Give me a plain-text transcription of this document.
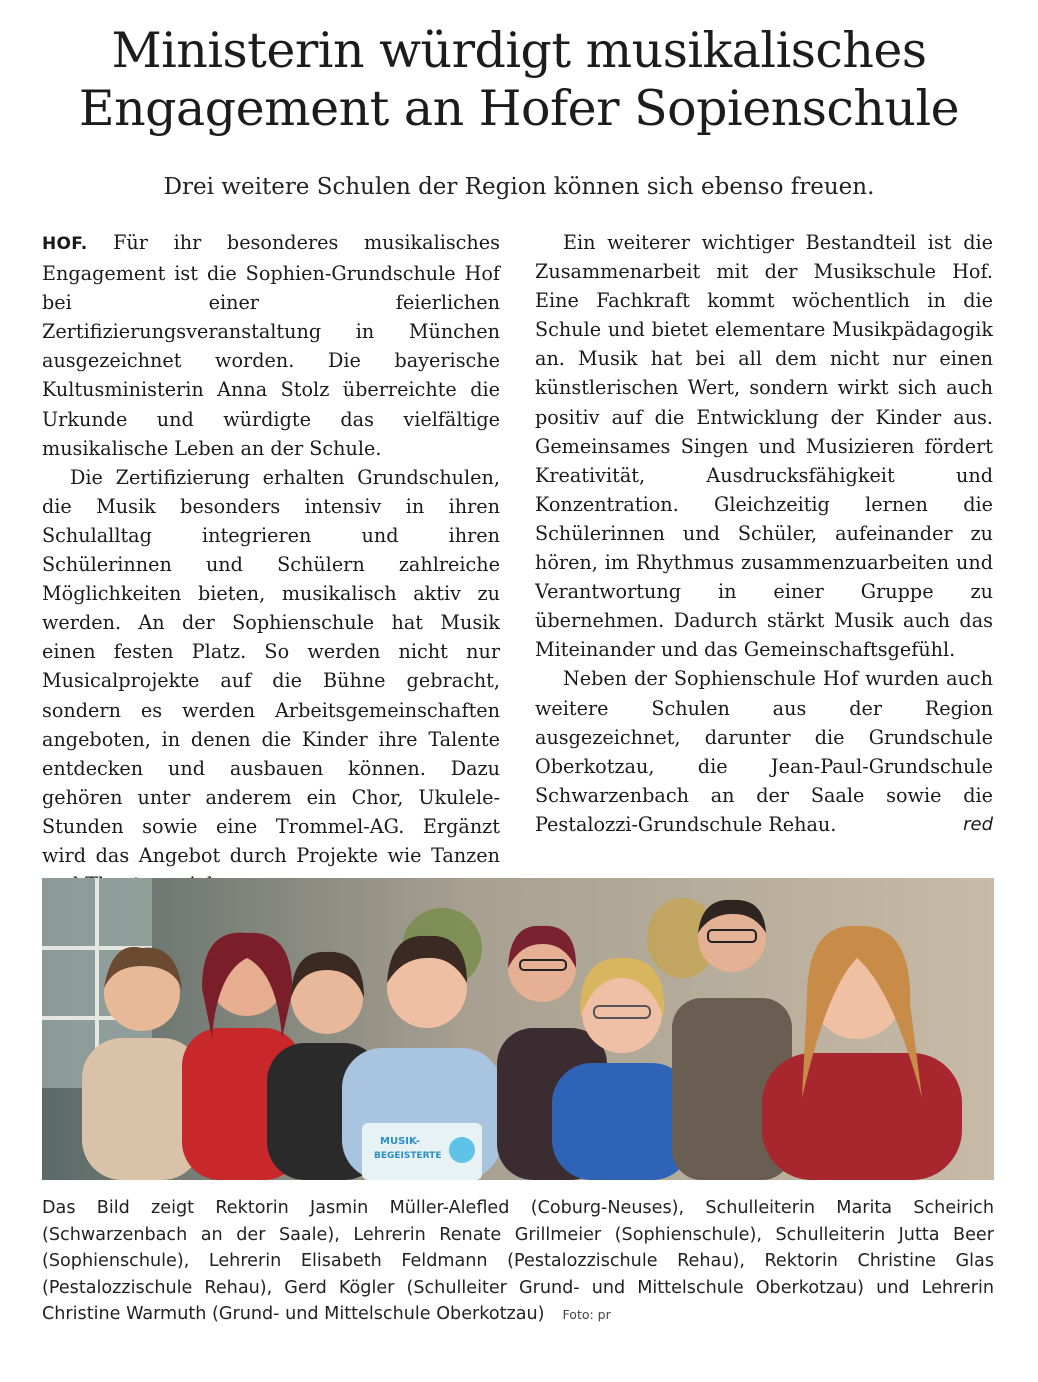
Ministerin würdigt musikalisches
Engagement an Hofer Sopienschule

Drei weitere Schulen der Region können sich ebenso freuen.

HOF. Für ihr besonderes musikalisches Engagement ist die Sophien-Grundschule Hof bei einer feierlichen Zertifizierungsveranstaltung in München ausgezeichnet worden. Die bayerische Kultusministerin Anna Stolz überreichte die Urkunde und würdigte das vielfältige musikalische Leben an der Schule.

Die Zertifizierung erhalten Grundschulen, die Musik besonders intensiv in ihren Schulalltag integrieren und ihren Schülerinnen und Schülern zahlreiche Möglichkeiten bieten, musikalisch aktiv zu werden. An der Sophienschule hat Musik einen festen Platz. So werden nicht nur Musicalprojekte auf die Bühne gebracht, sondern es werden Arbeitsgemeinschaften angeboten, in denen die Kinder ihre Talente entdecken und ausbauen können. Dazu gehören unter anderem ein Chor, Ukulele-Stunden sowie eine Trommel-AG. Ergänzt wird das Angebot durch Projekte wie Tanzen

Ein weiterer wichtiger Bestandteil ist die Zusammenarbeit mit der Musikschule Hof. Eine Fachkraft kommt wöchentlich in die Schule und bietet elementare Musikpädagogik an. Musik hat bei all dem nicht nur einen künstlerischen Wert, sondern wirkt sich auch positiv auf die Entwicklung der Kinder aus. Gemeinsames Singen und Musizieren fördert Kreativität, Ausdrucksfähigkeit und Konzentration. Gleichzeitig lernen die Schülerinnen und Schüler, aufeinander zu hören, im Rhythmus zusammenzuarbeiten und Verantwortung in einer Gruppe zu übernehmen. Dadurch stärkt Musik auch das Miteinander und das Gemeinschaftsgefühl.

Neben der Sophienschule Hof wurden auch weitere Schulen aus der Region ausgezeichnet, darunter die Grundschule Oberkotzau, die Jean-Paul-Grundschule Schwarzenbach an der Saale sowie die Pestalozzi-Grundschule Rehau.	red

MUSIK-
BEGEISTERTE

Das Bild zeigt Rektorin Jasmin Müller-Alefled (Coburg-Neuses), Schulleiterin Marita Scheirich (Schwarzenbach an der Saale), Lehrerin Renate Grillmeier (Sophienschule), Schulleiterin Jutta Beer (Sophienschule), Lehrerin Elisabeth Feldmann (Pestalozzischule Rehau), Rektorin Christine Glas (Pestalozzischule Rehau), Gerd Kögler (Schulleiter Grund- und Mittelschule Oberkotzau) und Lehrerin Christine Warmuth (Grund- und Mittelschule Oberkotzau) Foto: pr
